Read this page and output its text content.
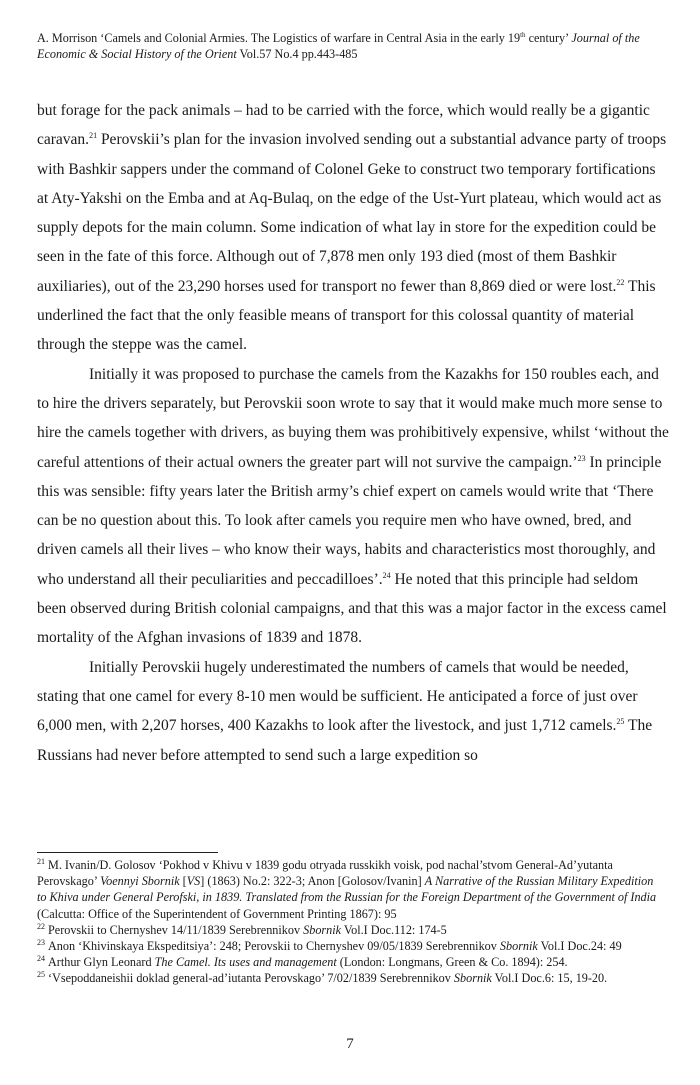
A. Morrison ‘Camels and Colonial Armies. The Logistics of warfare in Central Asia in the early 19th century’ Journal of the Economic & Social History of the Orient Vol.57 No.4 pp.443-485

but forage for the pack animals – had to be carried with the force, which would really be a gigantic caravan.$^{21}$ Perovskii’s plan for the invasion involved sending out a substantial advance party of troops with Bashkir sappers under the command of Colonel Geke to construct two temporary fortifications at Aty-Yakshi on the Emba and at Aq-Bulaq, on the edge of the Ust-Yurt plateau, which would act as supply depots for the main column. Some indication of what lay in store for the expedition could be seen in the fate of this force. Although out of 7,878 men only 193 died (most of them Bashkir auxiliaries), out of the 23,290 horses used for transport no fewer than 8,869 died or were lost.$^{22}$ This underlined the fact that the only feasible means of transport for this colossal quantity of material through the steppe was the camel.

Initially it was proposed to purchase the camels from the Kazakhs for 150 roubles each, and to hire the drivers separately, but Perovskii soon wrote to say that it would make much more sense to hire the camels together with drivers, as buying them was prohibitively expensive, whilst ‘without the careful attentions of their actual owners the greater part will not survive the campaign.’$^{23}$ In principle this was sensible: fifty years later the British army’s chief expert on camels would write that ‘There can be no question about this. To look after camels you require men who have owned, bred, and driven camels all their lives – who know their ways, habits and characteristics most thoroughly, and who understand all their peculiarities and peccadilloes’.$^{24}$ He noted that this principle had seldom been observed during British colonial campaigns, and that this was a major factor in the excess camel mortality of the Afghan invasions of 1839 and 1878.

Initially Perovskii hugely underestimated the numbers of camels that would be needed, stating that one camel for every 8-10 men would be sufficient. He anticipated a force of just over 6,000 men, with 2,207 horses, 400 Kazakhs to look after the livestock, and just 1,712 camels.$^{25}$ The Russians had never before attempted to send such a large expedition so

$^{21}$ M. Ivanin/D. Golosov ‘Pokhod v Khivu v 1839 godu otryada russkikh voisk, pod nachal’stvom General-Ad’yutanta Perovskago’ Voennyi Sbornik [VS] (1863) No.2: 322-3; Anon [Golosov/Ivanin] A Narrative of the Russian Military Expedition to Khiva under General Perofski, in 1839. Translated from the Russian for the Foreign Department of the Government of India (Calcutta: Office of the Superintendent of Government Printing 1867): 95

$^{22}$ Perovskii to Chernyshev 14/11/1839 Serebrennikov Sbornik Vol.I Doc.112: 174-5

$^{23}$ Anon ‘Khivinskaya Ekspeditsiya’: 248; Perovskii to Chernyshev 09/05/1839 Serebrennikov Sbornik Vol.I Doc.24: 49

$^{24}$ Arthur Glyn Leonard The Camel. Its uses and management (London: Longmans, Green & Co. 1894): 254.

$^{25}$ ‘Vsepoddaneishii doklad general-ad’iutanta Perovskago’ 7/02/1839 Serebrennikov Sbornik Vol.I Doc.6: 15, 19-20.

7
